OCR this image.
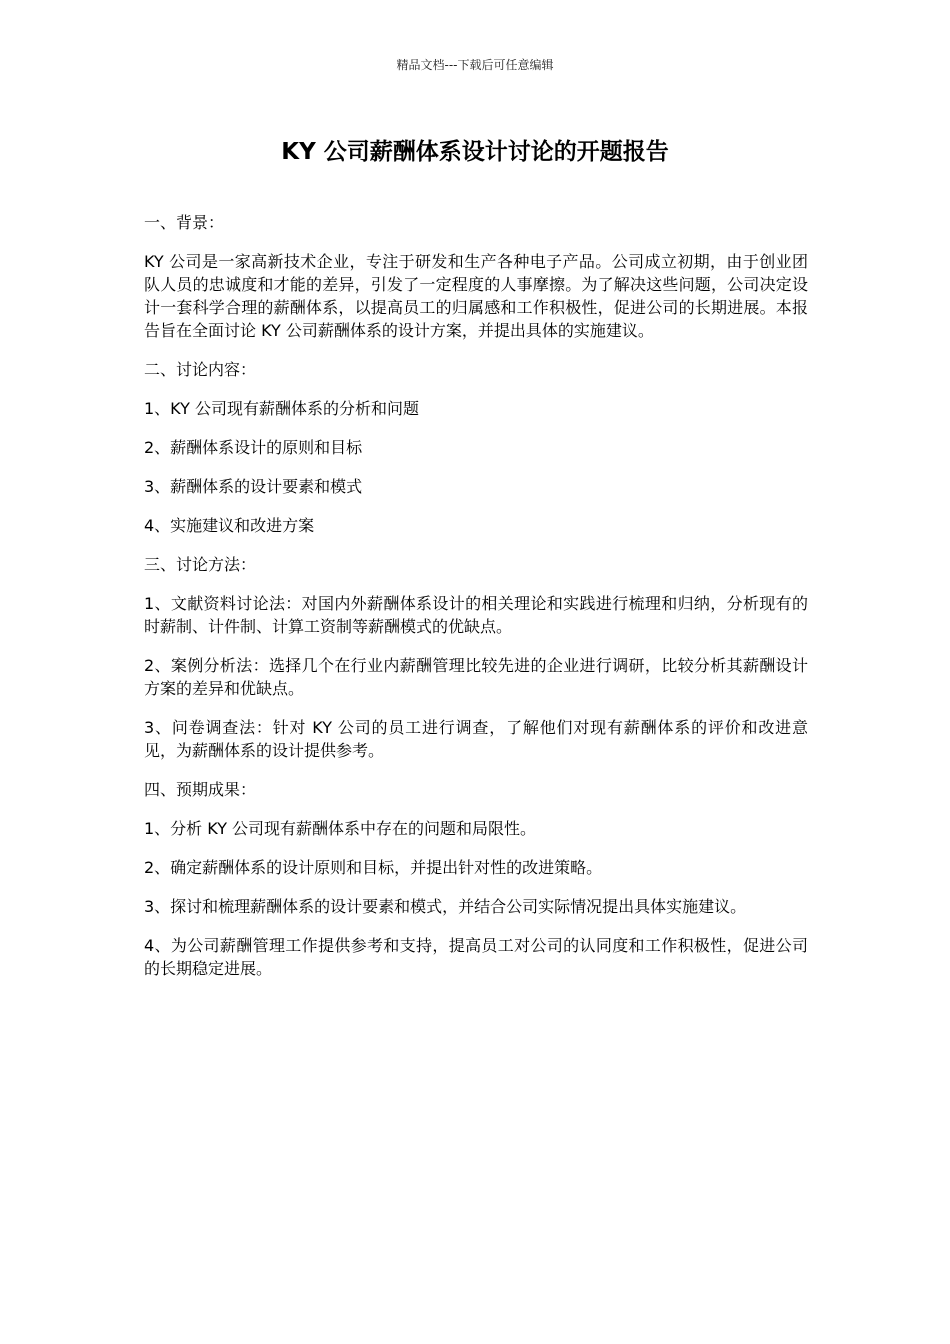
精品文档---下载后可任意编辑
KY 公司薪酬体系设计讨论的开题报告

一、背景：

KY 公司是一家高新技术企业，专注于研发和生产各种电子产品。公司成立初期，由于创业团队人员的忠诚度和才能的差异，引发了一定程度的人事摩擦。为了解决这些问题，公司决定设计一套科学合理的薪酬体系，以提高员工的归属感和工作积极性，促进公司的长期进展。本报告旨在全面讨论 KY 公司薪酬体系的设计方案，并提出具体的实施建议。

二、讨论内容：

1、KY 公司现有薪酬体系的分析和问题

2、薪酬体系设计的原则和目标

3、薪酬体系的设计要素和模式

4、实施建议和改进方案

三、讨论方法：

1、文献资料讨论法：对国内外薪酬体系设计的相关理论和实践进行梳理和归纳，分析现有的时薪制、计件制、计算工资制等薪酬模式的优缺点。

2、案例分析法：选择几个在行业内薪酬管理比较先进的企业进行调研，比较分析其薪酬设计方案的差异和优缺点。

3、问卷调查法：针对 KY 公司的员工进行调查，了解他们对现有薪酬体系的评价和改进意见，为薪酬体系的设计提供参考。

四、预期成果：

1、分析 KY 公司现有薪酬体系中存在的问题和局限性。

2、确定薪酬体系的设计原则和目标，并提出针对性的改进策略。

3、探讨和梳理薪酬体系的设计要素和模式，并结合公司实际情况提出具体实施建议。

4、为公司薪酬管理工作提供参考和支持，提高员工对公司的认同度和工作积极性，促进公司的长期稳定进展。
